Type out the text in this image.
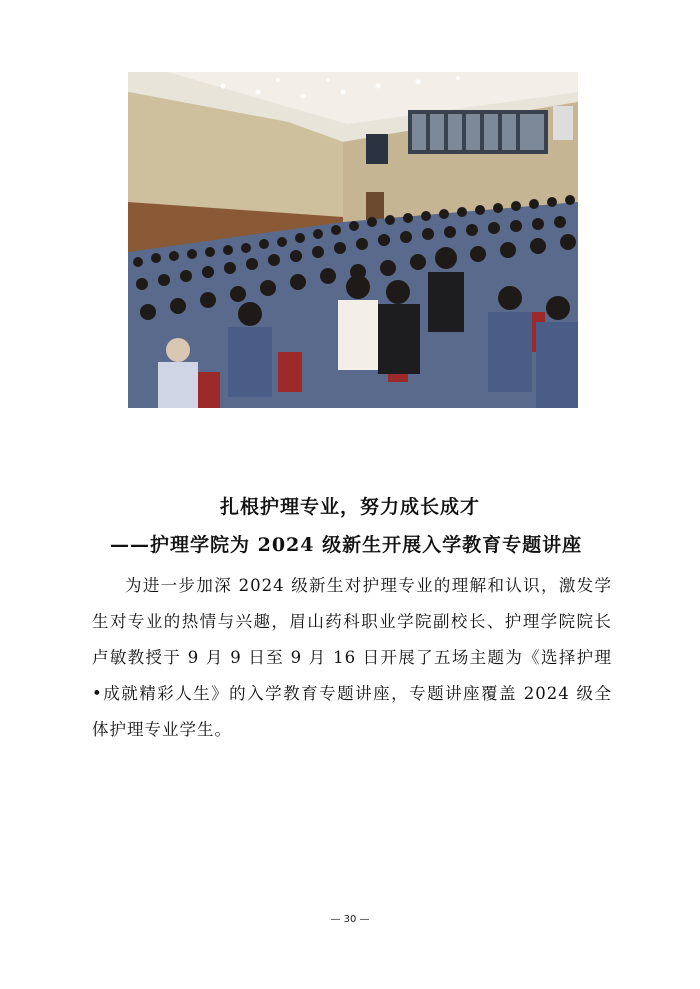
扎根护理专业，努力成长成才
——护理学院为 2024 级新生开展入学教育专题讲座

为进一步加深 2024 级新生对护理专业的理解和认识，激发学生对专业的热情与兴趣，眉山药科职业学院副校长、护理学院院长卢敏教授于 9 月 9 日至 9 月 16 日开展了五场主题为《选择护理•成就精彩人生》的入学教育专题讲座，专题讲座覆盖 2024 级全体护理专业学生。

— 30 —
